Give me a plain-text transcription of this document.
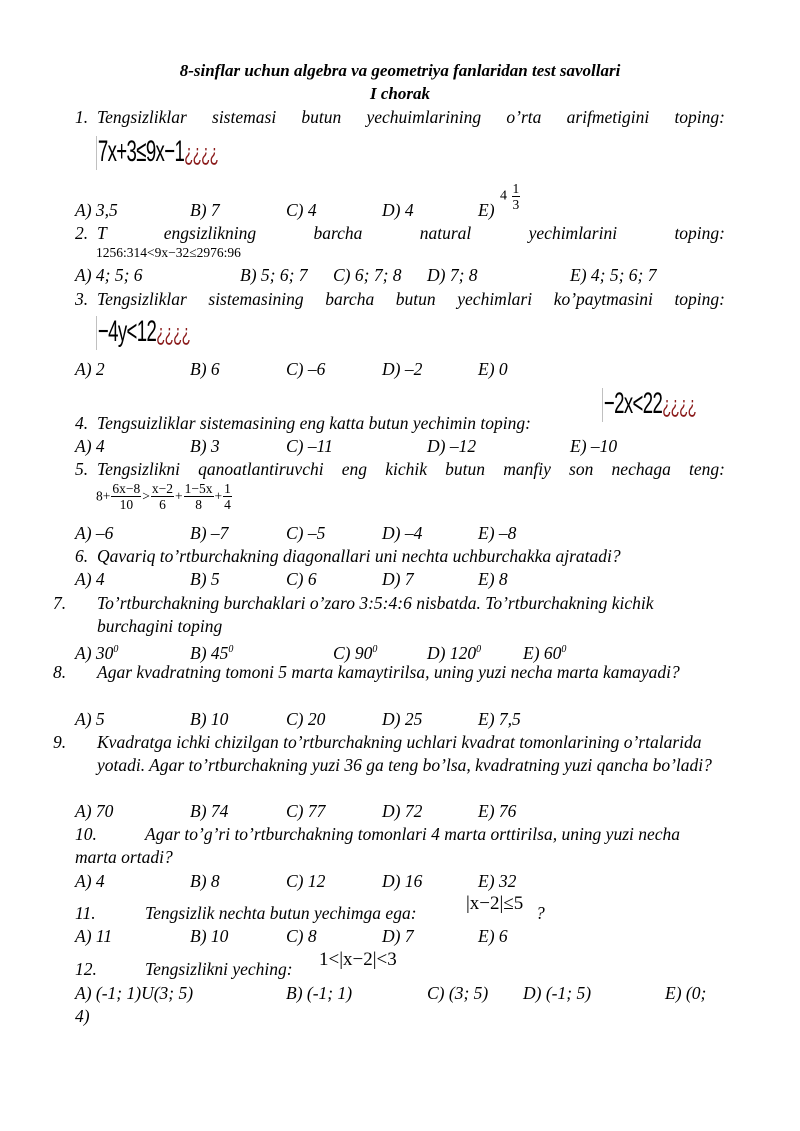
8-sinflar uchun algebra va geometriya fanlaridan test savollari
I chorak
1. Tengsizliklar sistemasi butun yechuimlarining o’rta arifmetigini toping:
7x+3≤9x−1¿¿¿¿
A) 3,5	B) 7	C) 4	D) 4	E)
$4 \frac{1}{3}$
2. T engsizlikning barcha natural yechimlarini toping:
1256:314<9x−32≤2976:96
A) 4; 5; 6	B) 5; 6; 7 C) 6; 7; 8 D) 7; 8	E) 4; 5; 6; 7
3. Tengsizliklar sistemasining barcha butun yechimlari ko’paytmasini toping:
−4y<12¿¿¿¿
A) 2	B) 6	C) –6	D) –2	E) 0
4. Tengsuizliklar sistemasining eng katta butun yechimin toping:
−2x<22¿¿¿¿
A) 4	B) 3	C) –11	D) –12	E) –10
5. Tengsizlikni qanoatlantiruvchi eng kichik butun manfiy son nechaga teng:
$8+ \frac{6x-8}{10} > \frac{x-2}{6} + \frac{1-5x}{8} + \frac{1}{4}$
A) –6	B) –7	C) –5	D) –4	E) –8
6. Qavariq to’rtburchakning diagonallari uni nechta uchburchakka ajratadi?
A) 4	B) 5	C) 6	D) 7	E) 8
7. To’rtburchakning burchaklari o’zaro 3:5:4:6 nisbatda. To’rtburchakning kichik burchagini toping
A) $30^0$	B) $45^0$	C) $90^0$	D) $120^0$ E) $60^0$
8. Agar kvadratning tomoni 5 marta kamaytirilsa, uning yuzi necha marta kamayadi?
A) 5	B) 10	C) 20	D) 25	E) 7,5
9. Kvadratga ichki chizilgan to’rtburchakning uchlari kvadrat tomonlarining o’rtalarida yotadi. Agar to’rtburchakning yuzi 36 ga teng bo’lsa, kvadratning yuzi qancha bo’ladi?
A) 70	B) 74	C) 77	D) 72	E) 76
10.	Agar to’g’ri to’rtburchakning tomonlari 4 marta orttirilsa, uning yuzi necha marta ortadi?
A) 4	B) 8	C) 12	D) 16	E) 32
11.	Tengsizlik nechta butun yechimga ega:	|x−2|≤5 ?
A) 11	B) 10	C) 8	D) 7	E) 6
12.	Tengsizlikni yeching:	1<|x−2|<3
A) (-1; 1)U(3; 5)	B) (-1; 1)	C) (3; 5) D) (-1; 5)	E) (0;
4)
